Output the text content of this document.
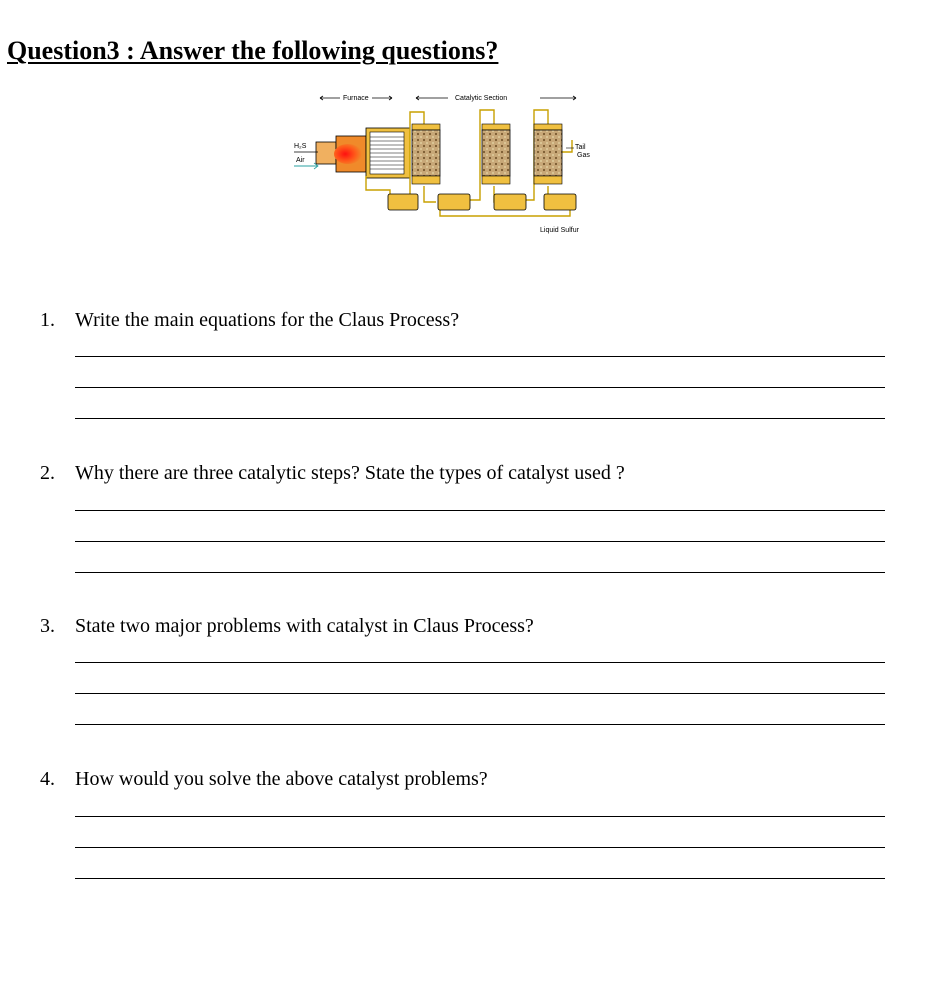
Question3 : Answer the following questions?
Furnace	Catalytic Section
H₂S
Air
Tail
Gas
Liquid Sulfur
1. Write the main equations for the Claus Process?
2. Why there are three catalytic steps? State the types of catalyst used ?
3. State two major problems with catalyst in Claus Process?
4. How would you solve the above catalyst problems?
